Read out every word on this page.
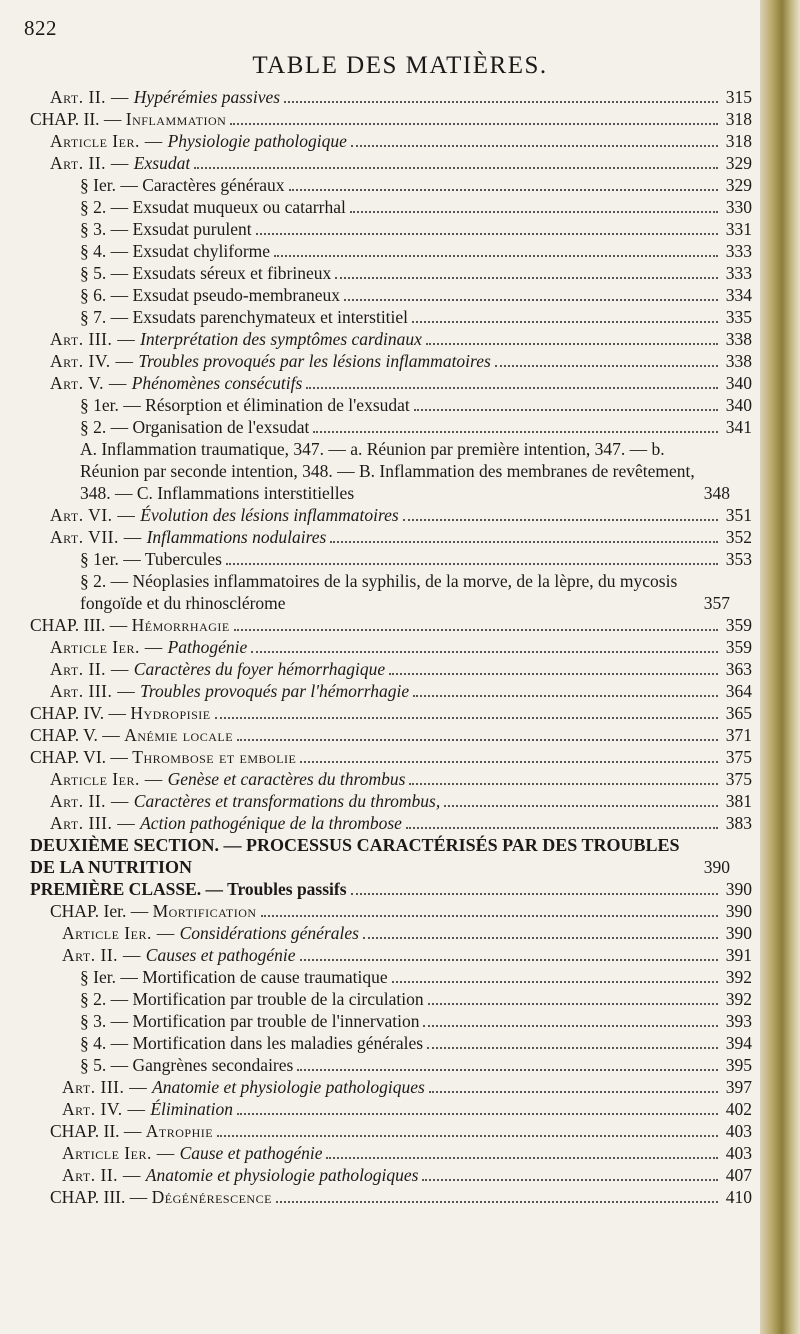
822
TABLE DES MATIÈRES.
Art. II. — Hypérémies passives	315
CHAP. II. — Inflammation	318
Article Ier. — Physiologie pathologique	318
Art. II. — Exsudat	329
§ Ier. — Caractères généraux	329
§ 2. — Exsudat muqueux ou catarrhal	330
§ 3. — Exsudat purulent	331
§ 4. — Exsudat chyliforme	333
§ 5. — Exsudats séreux et fibrineux	333
§ 6. — Exsudat pseudo-membraneux	334
§ 7. — Exsudats parenchymateux et interstitiel	335
Art. III. — Interprétation des symptômes cardinaux	338
Art. IV. — Troubles provoqués par les lésions inflammatoires	338
Art. V. — Phénomènes consécutifs	340
§ 1er. — Résorption et élimination de l'exsudat	340
§ 2. — Organisation de l'exsudat	341
A. Inflammation traumatique, 347. — a. Réunion par première intention, 347. — b. Réunion par seconde intention, 348. — B. Inflammation des membranes de revêtement, 348. — C. Inflammations interstitielles	348
Art. VI. — Évolution des lésions inflammatoires	351
Art. VII. — Inflammations nodulaires	352
§ 1er. — Tubercules	353
§ 2. — Néoplasies inflammatoires de la syphilis, de la morve, de la lèpre, du mycosis fongoïde et du rhinosclérome	357
CHAP. III. — Hémorrhagie	359
Article Ier. — Pathogénie	359
Art. II. — Caractères du foyer hémorrhagique	363
Art. III. — Troubles provoqués par l'hémorrhagie	364
CHAP. IV. — Hydropisie	365
CHAP. V. — Anémie locale	371
CHAP. VI. — Thrombose et embolie	375
Article Ier. — Genèse et caractères du thrombus	375
Art. II. — Caractères et transformations du thrombus,	381
Art. III. — Action pathogénique de la thrombose	383
DEUXIÈME SECTION. — PROCESSUS CARACTÉRISÉS PAR DES TROUBLES DE LA NUTRITION	390
PREMIÈRE CLASSE. — Troubles passifs	390
CHAP. Ier. — Mortification	390
Article Ier. — Considérations générales	390
Art. II. — Causes et pathogénie	391
§ Ier. — Mortification de cause traumatique	392
§ 2. — Mortification par trouble de la circulation	392
§ 3. — Mortification par trouble de l'innervation	393
§ 4. — Mortification dans les maladies générales	394
§ 5. — Gangrènes secondaires	395
Art. III. — Anatomie et physiologie pathologiques	397
Art. IV. — Élimination	402
CHAP. II. — Atrophie	403
Article Ier. — Cause et pathogénie	403
Art. II. — Anatomie et physiologie pathologiques	407
CHAP. III. — Dégénérescence	410
